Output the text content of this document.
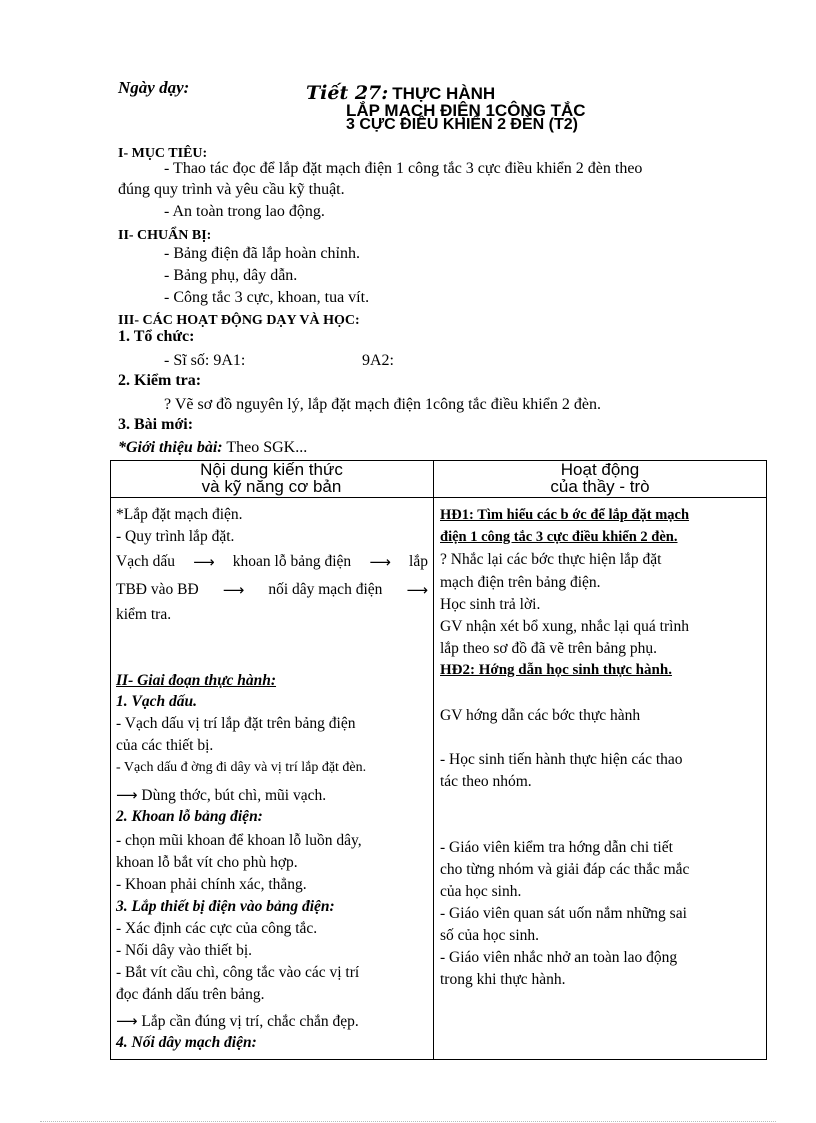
Ngày dạy:	Tiết 27: THỰC HÀNH
LẮP MẠCH ĐIỆN 1CÔNG TẮC
3 CỰC ĐIỀU KHIỂN 2 ĐÈN (T2)
I- MỤC TIÊU:
- Thao tác đọc để lắp đặt mạch điện 1 công tắc 3 cực điều khiển 2 đèn theo
đúng quy trình và yêu cầu kỹ thuật.
- An toàn trong lao động.
II- CHUẨN BỊ:
- Bảng điện đã lắp hoàn chỉnh.
- Bảng phụ, dây dẫn.
- Công tắc 3 cực, khoan, tua vít.
III- CÁC HOẠT ĐỘNG DẠY VÀ HỌC:
1. Tổ chức:
- Sĩ số: 9A1:	9A2:
2. Kiểm tra:
? Vẽ sơ đồ nguyên lý, lắp đặt mạch điện 1công tắc điều khiển 2 đèn.
3. Bài mới:
*Giới thiệu bài: Theo SGK...
Nội dung kiến thức
và kỹ năng cơ bản
Hoạt động
của thầy - trò
*Lắp đặt mạch điện.
- Quy trình lắp đặt.
Vạch dấu ⟶ khoan lỗ bảng điện ⟶ lắp
TBĐ vào BĐ ⟶ nối dây mạch điện ⟶
kiểm tra.
II- Giai đoạn thực hành:
1. Vạch dấu.
- Vạch dấu vị trí lắp đặt trên bảng điện
của các thiết bị.
- Vạch dấu đ ờng đi dây và vị trí lắp đặt đèn.
⟶ Dùng thớc, bút chì, mũi vạch.
2. Khoan lỗ bảng điện:
- chọn mũi khoan để khoan lỗ luồn dây,
khoan lỗ bắt vít cho phù hợp.
- Khoan phải chính xác, thẳng.
3. Lắp thiết bị điện vào bảng điện:
- Xác định các cực của công tắc.
- Nối dây vào thiết bị.
- Bắt vít cầu chì, công tắc vào các vị trí
đọc đánh dấu trên bảng.
⟶ Lắp cần đúng vị trí, chắc chắn đẹp.
4. Nối dây mạch điện:
HĐ1: Tìm hiểu các b ớc để lắp đặt mạch
điện 1 công tắc 3 cực điều khiển 2 đèn.
? Nhắc lại các bớc thực hiện lắp đặt
mạch điện trên bảng điện.
Học sinh trả lời.
GV nhận xét bổ xung, nhắc lại quá trình
lắp theo sơ đồ đã vẽ trên bảng phụ.
HĐ2: Hớng dẫn học sinh thực hành.
GV hớng dẫn các bớc thực hành
- Học sinh tiến hành thực hiện các thao
tác theo nhóm.
- Giáo viên kiểm tra hớng dẫn chi tiết
cho từng nhóm và giải đáp các thắc mắc
của học sinh.
- Giáo viên quan sát uốn nắm những sai
số của học sinh.
- Giáo viên nhắc nhở an toàn lao động
trong khi thực hành.
